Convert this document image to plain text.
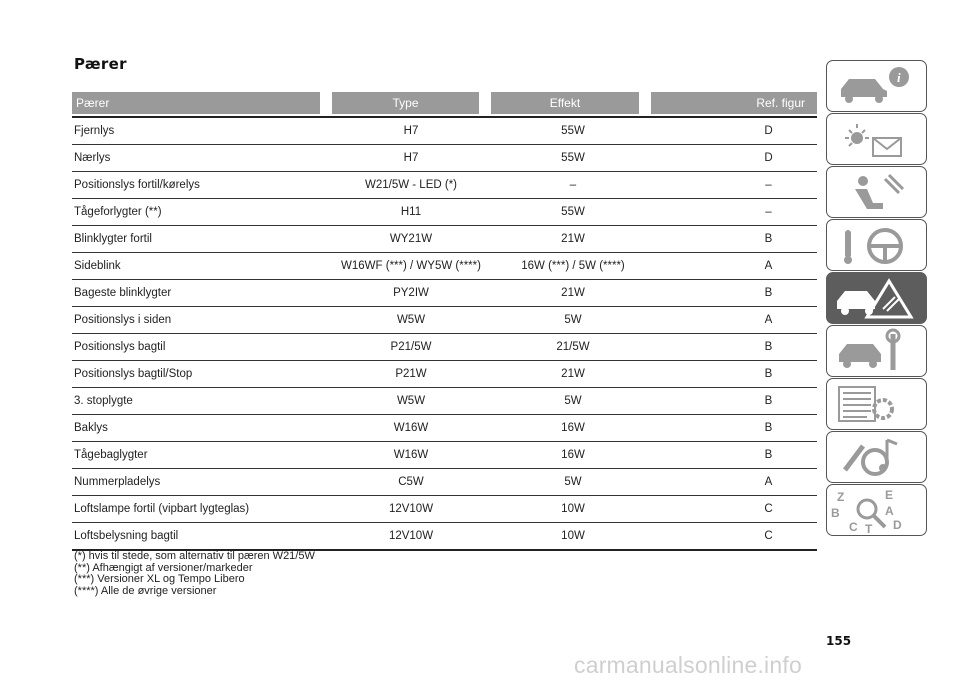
Pærer
Pærer	Type	Effekt	Ref. figur
Fjernlys	H7	55W	D
Nærlys	H7	55W	D
Positionslys fortil/kørelys	W21/5W - LED (*)	–	–
Tågeforlygter (**)	H11	55W	–
Blinklygter fortil	WY21W	21W	B
Sideblink	W16WF (***) / WY5W (****)	16W (***) / 5W (****)	A
Bageste blinklygter	PY2IW	21W	B
Positionslys i siden	W5W	5W	A
Positionslys bagtil	P21/5W	21/5W	B
Positionslys bagtil/Stop	P21W	21W	B
3. stoplygte	W5W	5W	B
Baklys	W16W	16W	B
Tågebaglygter	W16W	16W	B
Nummerpladelys	C5W	5W	A
Loftslampe fortil (vipbart lygteglas)	12V10W	10W	C
Loftsbelysning bagtil	12V10W	10W	C
(*) hvis til stede, som alternativ til pæren W21/5W
(**) Afhængigt af versioner/markeder
(***) Versioner XL og Tempo Libero
(****) Alle de øvrige versioner
155
carmanualsonline.info
i
Z	E
A
B
D
C T
